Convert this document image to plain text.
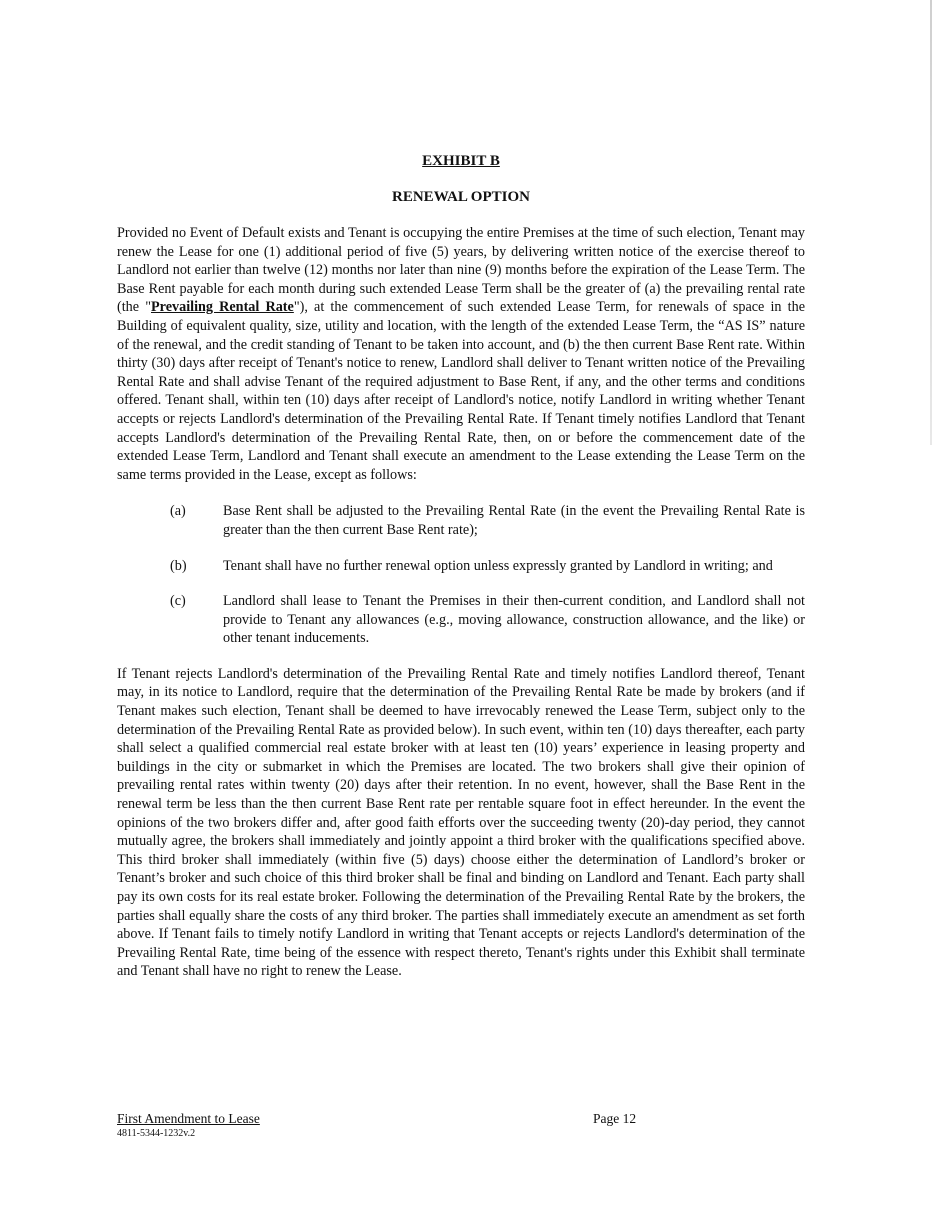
EXHIBIT B
RENEWAL OPTION

Provided no Event of Default exists and Tenant is occupying the entire Premises at the time of such election, Tenant may renew the Lease for one (1) additional period of five (5) years, by delivering written notice of the exercise thereof to Landlord not earlier than twelve (12) months nor later than nine (9) months before the expiration of the Lease Term. The Base Rent payable for each month during such extended Lease Term shall be the greater of (a) the prevailing rental rate (the "Prevailing Rental Rate"), at the commencement of such extended Lease Term, for renewals of space in the Building of equivalent quality, size, utility and location, with the length of the extended Lease Term, the “AS IS” nature of the renewal, and the credit standing of Tenant to be taken into account, and (b) the then current Base Rent rate. Within thirty (30) days after receipt of Tenant's notice to renew, Landlord shall deliver to Tenant written notice of the Prevailing Rental Rate and shall advise Tenant of the required adjustment to Base Rent, if any, and the other terms and conditions offered. Tenant shall, within ten (10) days after receipt of Landlord's notice, notify Landlord in writing whether Tenant accepts or rejects Landlord's determination of the Prevailing Rental Rate. If Tenant timely notifies Landlord that Tenant accepts Landlord's determination of the Prevailing Rental Rate, then, on or before the commencement date of the extended Lease Term, Landlord and Tenant shall execute an amendment to the Lease extending the Lease Term on the same terms provided in the Lease, except as follows:

(a)	Base Rent shall be adjusted to the Prevailing Rental Rate (in the event the Prevailing Rental Rate is greater than the then current Base Rent rate);
(b)	Tenant shall have no further renewal option unless expressly granted by Landlord in writing; and
(c)	Landlord shall lease to Tenant the Premises in their then-current condition, and Landlord shall not provide to Tenant any allowances (e.g., moving allowance, construction allowance, and the like) or other tenant inducements.

If Tenant rejects Landlord's determination of the Prevailing Rental Rate and timely notifies Landlord thereof, Tenant may, in its notice to Landlord, require that the determination of the Prevailing Rental Rate be made by brokers (and if Tenant makes such election, Tenant shall be deemed to have irrevocably renewed the Lease Term, subject only to the determination of the Prevailing Rental Rate as provided below). In such event, within ten (10) days thereafter, each party shall select a qualified commercial real estate broker with at least ten (10) years’ experience in leasing property and buildings in the city or submarket in which the Premises are located. The two brokers shall give their opinion of prevailing rental rates within twenty (20) days after their retention. In no event, however, shall the Base Rent in the renewal term be less than the then current Base Rent rate per rentable square foot in effect hereunder. In the event the opinions of the two brokers differ and, after good faith efforts over the succeeding twenty (20)-day period, they cannot mutually agree, the brokers shall immediately and jointly appoint a third broker with the qualifications specified above. This third broker shall immediately (within five (5) days) choose either the determination of Landlord’s broker or Tenant’s broker and such choice of this third broker shall be final and binding on Landlord and Tenant. Each party shall pay its own costs for its real estate broker. Following the determination of the Prevailing Rental Rate by the brokers, the parties shall equally share the costs of any third broker. The parties shall immediately execute an amendment as set forth above. If Tenant fails to timely notify Landlord in writing that Tenant accepts or rejects Landlord's determination of the Prevailing Rental Rate, time being of the essence with respect thereto, Tenant's rights under this Exhibit shall terminate and Tenant shall have no right to renew the Lease.

First Amendment to Lease
4811-5344-1232v.2
Page 12
